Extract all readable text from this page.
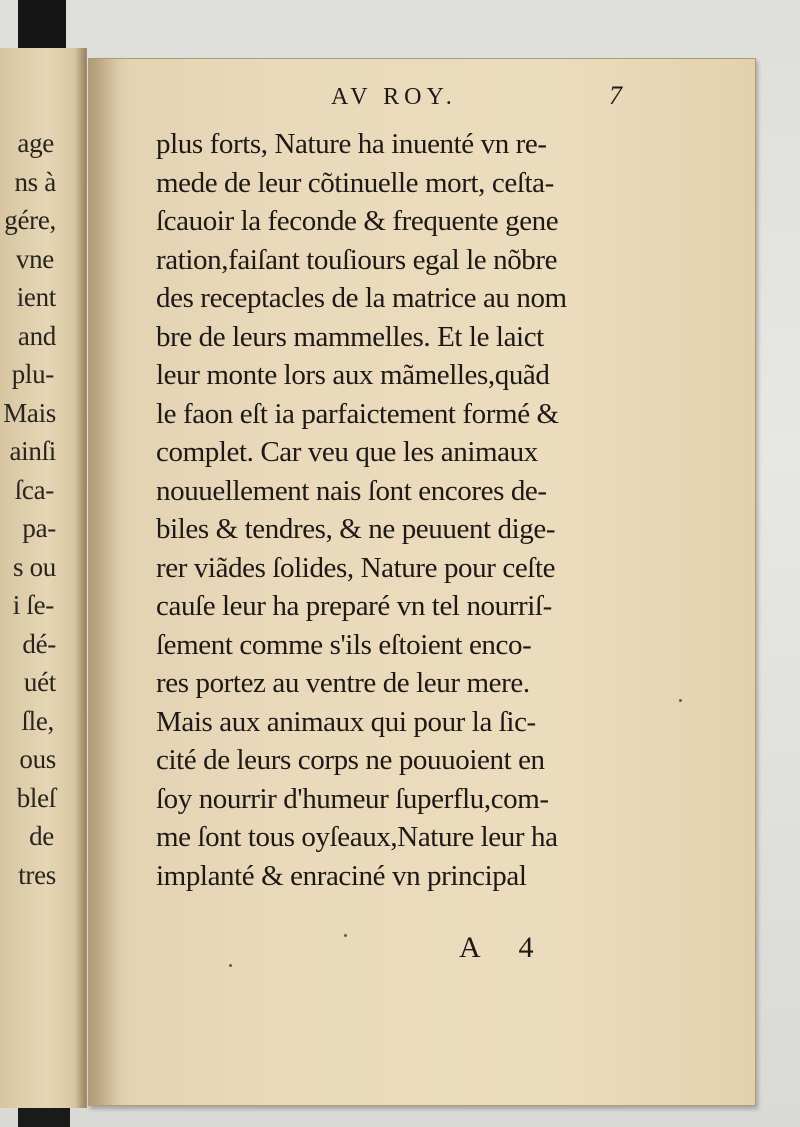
age
ns à
gére,
vne
ient
and
plu-
Mais
ainſi
ſca-
pa-
s ou
i ſe-
dé-
uét
ſle,
ous
bleſ
de
tres
AV ROY.	7
plus forts, Nature ha inuenté vn re-
mede de leur cõtinuelle mort, ceſta-
ſcauoir la feconde & frequente gene
ration,faiſant touſiours egal le nõbre
des receptacles de la matrice au nom
bre de leurs mammelles. Et le laict
leur monte lors aux mãmelles,quãd
le faon eſt ia parfaictement formé &
complet. Car veu que les animaux
nouuellement nais ſont encores de-
biles & tendres, & ne peuuent dige-
rer viãdes ſolides, Nature pour ceſte
cauſe leur ha preparé vn tel nourriſ-
ſement comme s'ils eſtoient enco-
res portez au ventre de leur mere.
Mais aux animaux qui pour la ſic-
cité de leurs corps ne pouuoient en
ſoy nourrir d'humeur ſuperflu,com-
me ſont tous oyſeaux,Nature leur ha
implanté & enraciné vn principal
A 4
